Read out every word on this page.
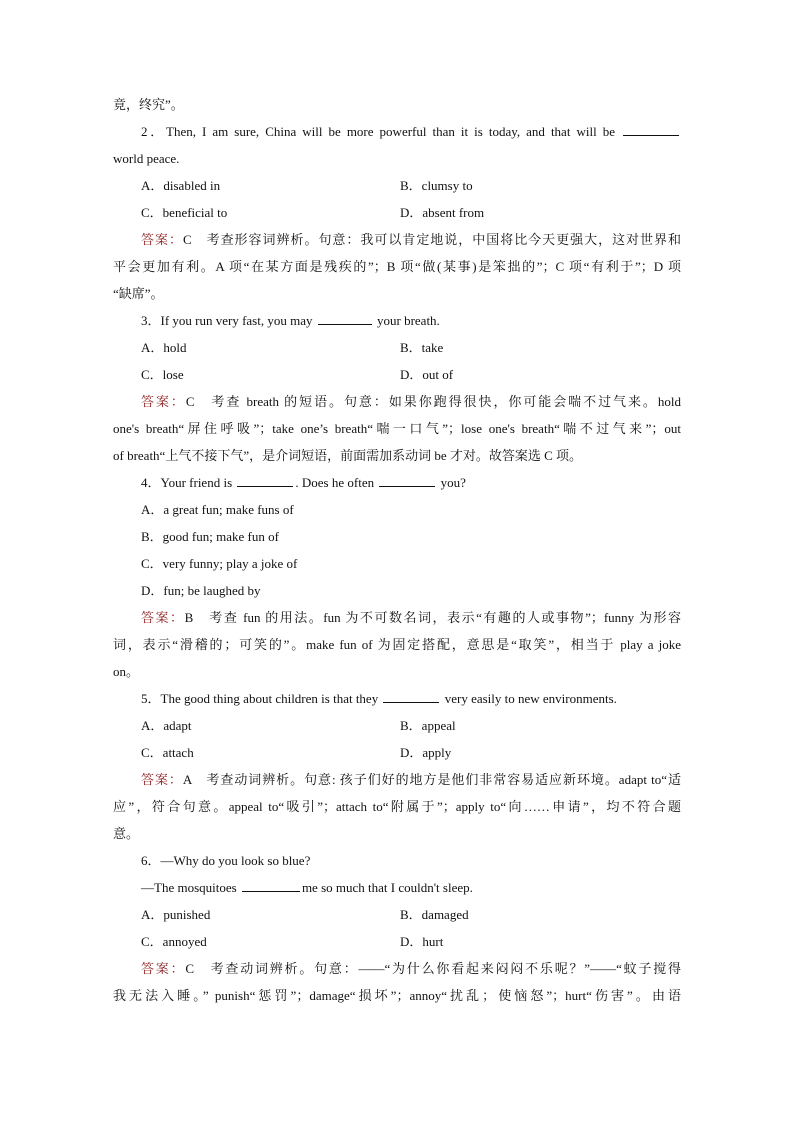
竟，终究”。
2．Then, I am sure, China will be more powerful than it is today, and that will be
world peace.
A．disabled in	B．clumsy to
C．beneficial to	D．absent from
答案：C　考查形容词辨析。句意：我可以肯定地说，中国将比今天更强大，这对世界和
平会更加有利。A 项“在某方面是残疾的”；B 项“做(某事)是笨拙的”；C 项“有利于”；D 项
“缺席”。
3．If you run very fast, you may	your breath.
A．hold	B．take
C．lose	D．out of
答案：C　考查 breath 的短语。句意：如果你跑得很快，你可能会喘不过气来。hold
one's breath“屏住呼吸”；take one’s breath“喘一口气”；lose one's breath“喘不过气来”；out
of breath“上气不接下气”，是介词短语，前面需加系动词 be 才对。故答案选 C 项。
4．Your friend is	. Does he often	you?
A．a great fun; make funs of
B．good fun; make fun of
C．very funny; play a joke of
D．fun; be laughed by
答案：B　考查 fun 的用法。fun 为不可数名词，表示“有趣的人或事物”；funny 为形容
词，表示“滑稽的；可笑的”。make fun of 为固定搭配，意思是“取笑”，相当于 play a joke
on。
5．The good thing about children is that they	very easily to new environments.
A．adapt	B．appeal
C．attach	D．apply
答案：A　考查动词辨析。句意: 孩子们好的地方是他们非常容易适应新环境。adapt to“适
应”，符合句意。appeal to“吸引”；attach to“附属于”；apply to“向……申请”，均不符合题
意。
6．—Why do you look so blue?
—The mosquitoes	me so much that I couldn't sleep.
A．punished	B．damaged
C．annoyed	D．hurt
答案：C　考查动词辨析。句意：——“为什么你看起来闷闷不乐呢？”——“蚊子搅得
我无法入睡。” punish“惩罚”；damage“损坏”；annoy“扰乱；使恼怒”；hurt“伤害”。由语
